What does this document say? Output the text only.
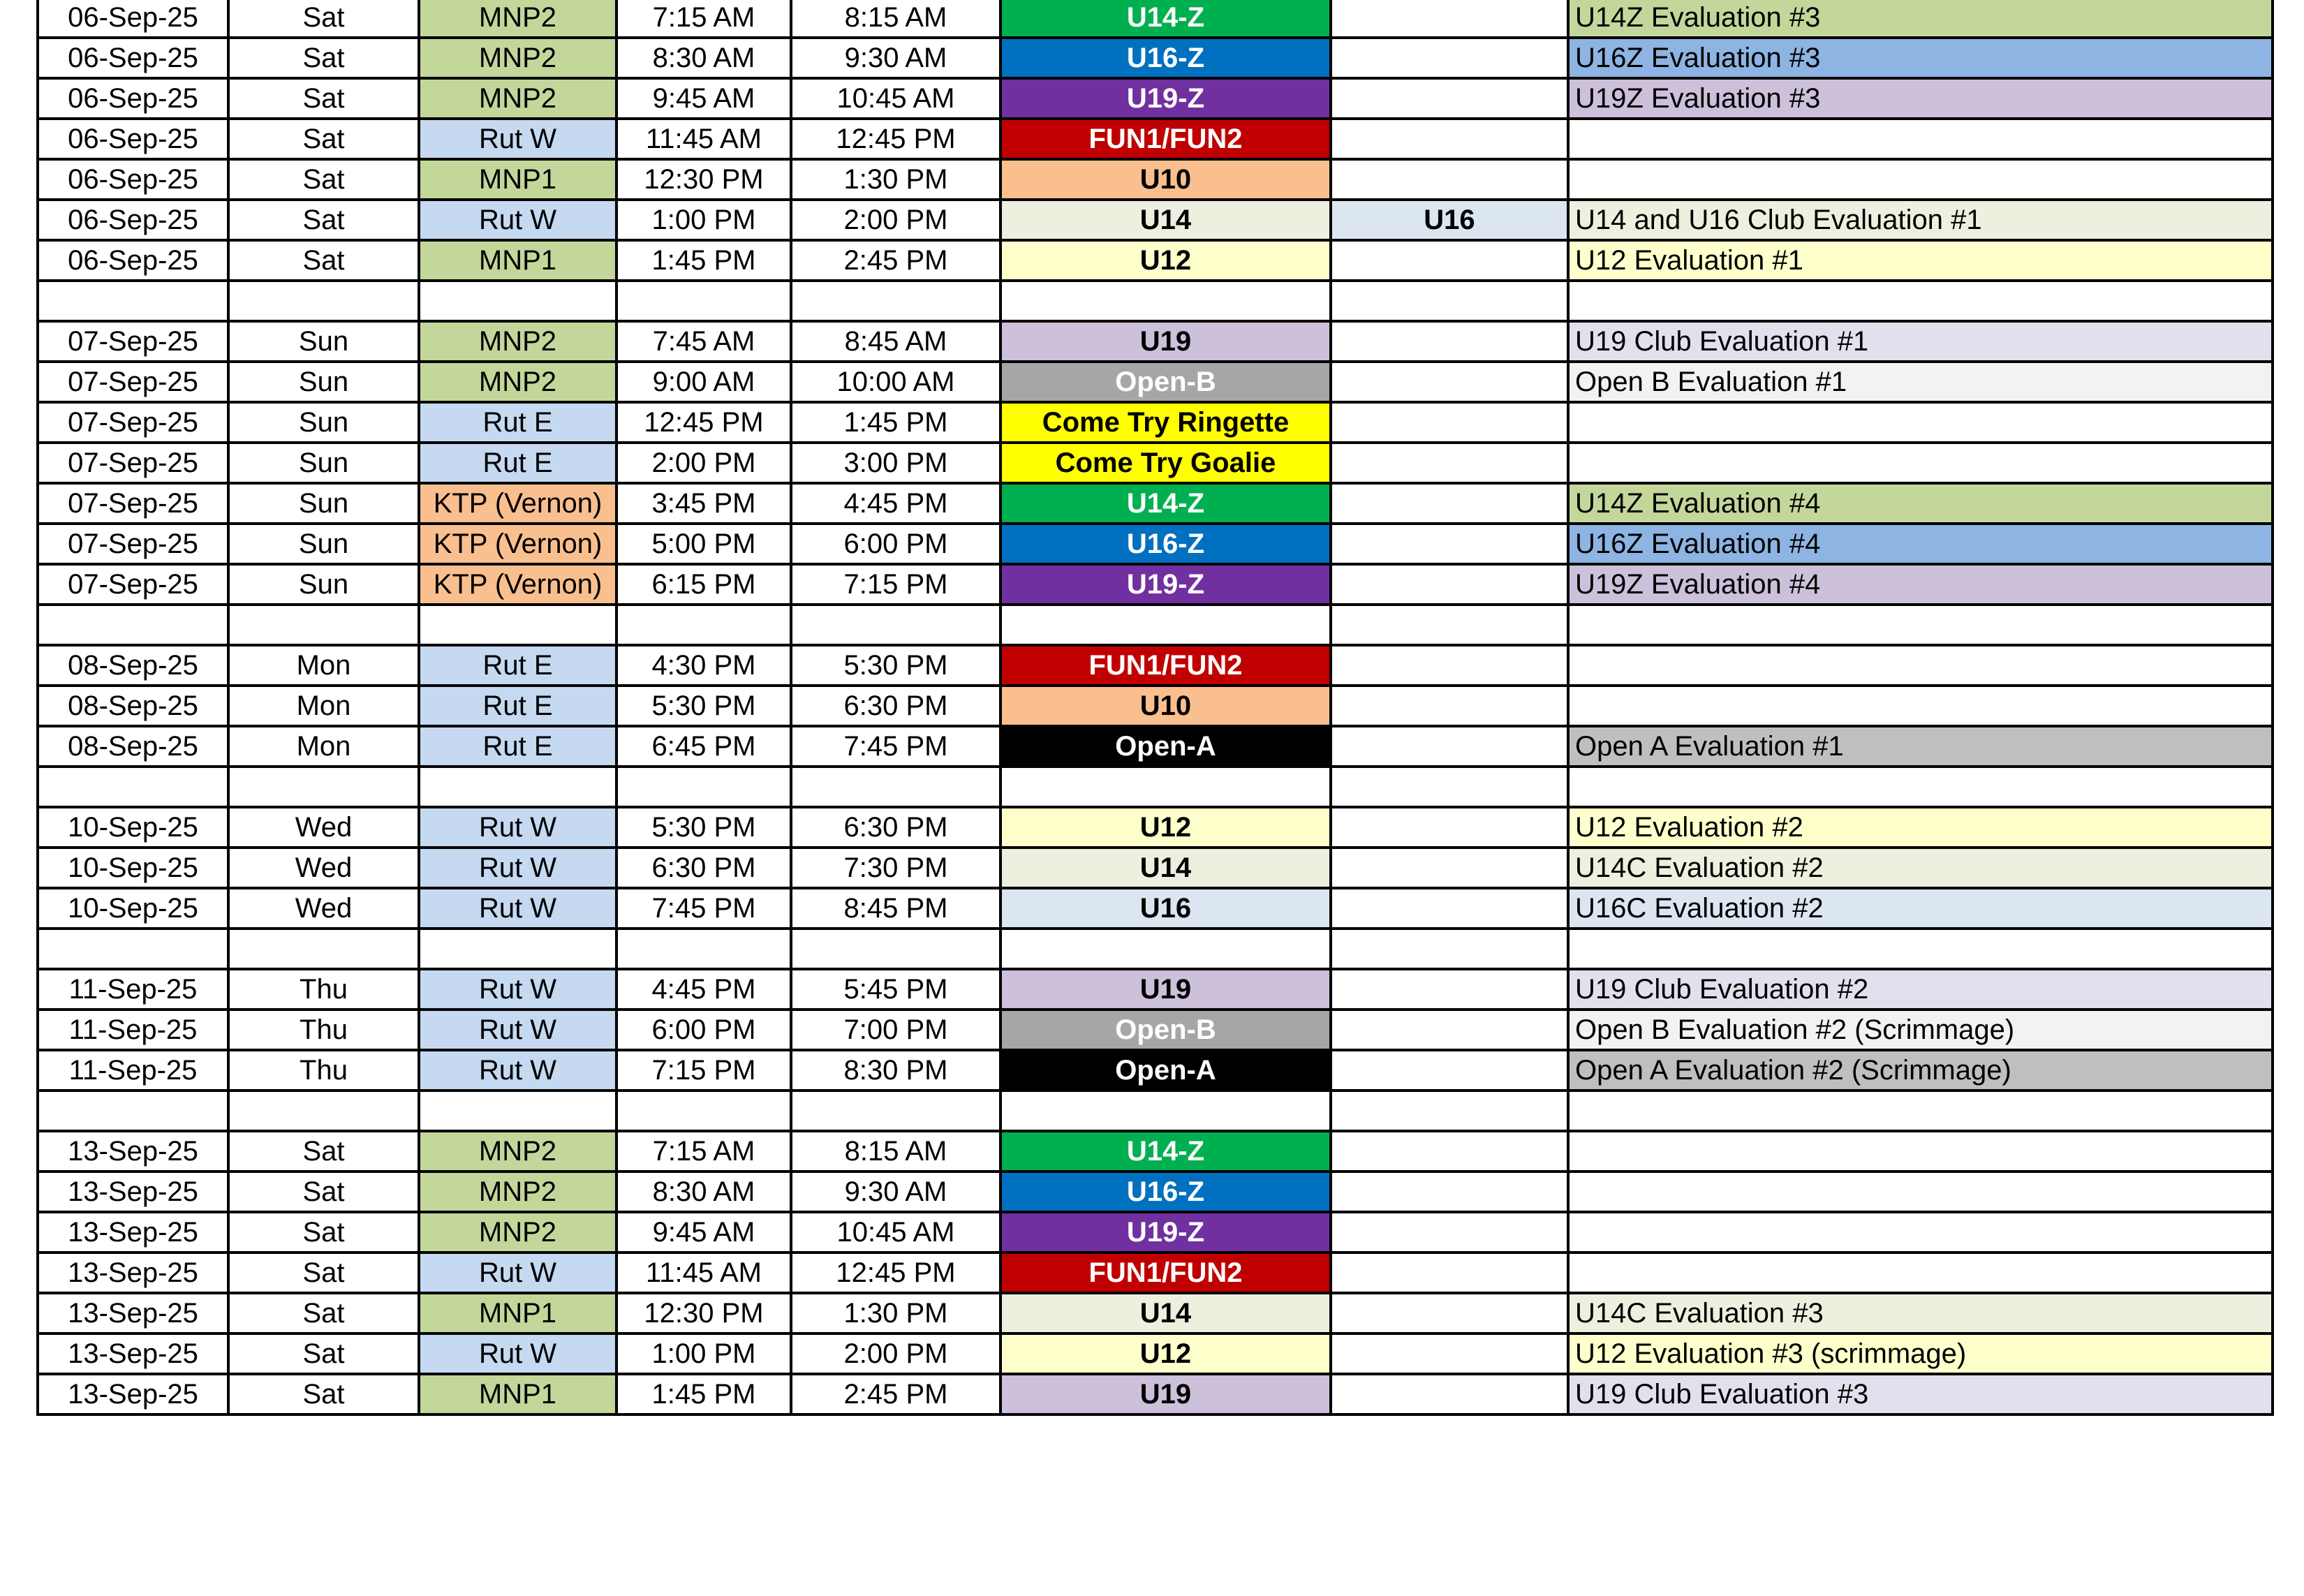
06-Sep-25	Sat	MNP2	7:15 AM	8:15 AM	U14-Z		U14Z Evaluation #3
06-Sep-25	Sat	MNP2	8:30 AM	9:30 AM	U16-Z		U16Z Evaluation #3
06-Sep-25	Sat	MNP2	9:45 AM	10:45 AM	U19-Z		U19Z Evaluation #3
06-Sep-25	Sat	Rut W	11:45 AM	12:45 PM	FUN1/FUN2		
06-Sep-25	Sat	MNP1	12:30 PM	1:30 PM	U10		
06-Sep-25	Sat	Rut W	1:00 PM	2:00 PM	U14	U16	U14 and U16 Club Evaluation #1
06-Sep-25	Sat	MNP1	1:45 PM	2:45 PM	U12		U12 Evaluation #1

07-Sep-25	Sun	MNP2	7:45 AM	8:45 AM	U19		U19 Club Evaluation #1
07-Sep-25	Sun	MNP2	9:00 AM	10:00 AM	Open-B		Open B Evaluation #1
07-Sep-25	Sun	Rut E	12:45 PM	1:45 PM	Come Try Ringette		
07-Sep-25	Sun	Rut E	2:00 PM	3:00 PM	Come Try Goalie		
07-Sep-25	Sun	KTP (Vernon)	3:45 PM	4:45 PM	U14-Z		U14Z Evaluation #4
07-Sep-25	Sun	KTP (Vernon)	5:00 PM	6:00 PM	U16-Z		U16Z Evaluation #4
07-Sep-25	Sun	KTP (Vernon)	6:15 PM	7:15 PM	U19-Z		U19Z Evaluation #4

08-Sep-25	Mon	Rut E	4:30 PM	5:30 PM	FUN1/FUN2		
08-Sep-25	Mon	Rut E	5:30 PM	6:30 PM	U10		
08-Sep-25	Mon	Rut E	6:45 PM	7:45 PM	Open-A		Open A Evaluation #1

10-Sep-25	Wed	Rut W	5:30 PM	6:30 PM	U12		U12 Evaluation #2
10-Sep-25	Wed	Rut W	6:30 PM	7:30 PM	U14		U14C Evaluation #2
10-Sep-25	Wed	Rut W	7:45 PM	8:45 PM	U16		U16C Evaluation #2

11-Sep-25	Thu	Rut W	4:45 PM	5:45 PM	U19		U19 Club Evaluation #2
11-Sep-25	Thu	Rut W	6:00 PM	7:00 PM	Open-B		Open B Evaluation #2 (Scrimmage)
11-Sep-25	Thu	Rut W	7:15 PM	8:30 PM	Open-A		Open A Evaluation #2 (Scrimmage)

13-Sep-25	Sat	MNP2	7:15 AM	8:15 AM	U14-Z		
13-Sep-25	Sat	MNP2	8:30 AM	9:30 AM	U16-Z		
13-Sep-25	Sat	MNP2	9:45 AM	10:45 AM	U19-Z		
13-Sep-25	Sat	Rut W	11:45 AM	12:45 PM	FUN1/FUN2		
13-Sep-25	Sat	MNP1	12:30 PM	1:30 PM	U14		U14C Evaluation #3
13-Sep-25	Sat	Rut W	1:00 PM	2:00 PM	U12		U12 Evaluation #3 (scrimmage)
13-Sep-25	Sat	MNP1	1:45 PM	2:45 PM	U19		U19 Club Evaluation #3
